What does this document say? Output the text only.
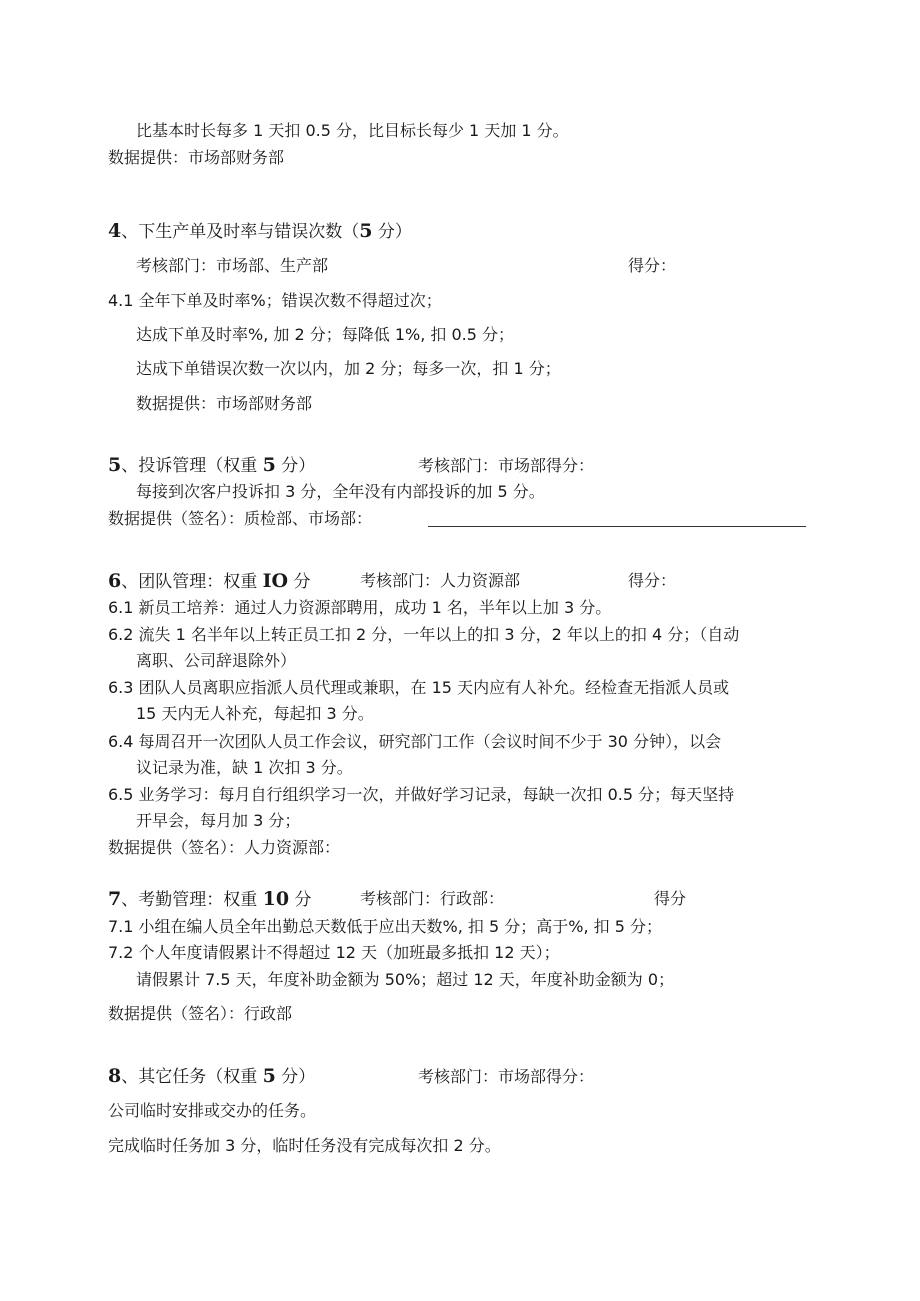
比基本时长每多 1 天扣 0.5 分，比目标长每少 1 天加 1 分。
数据提供：市场部财务部
4、下生产单及时率与错误次数（5 分）
考核部门：市场部、生产部	得分：
4.1 全年下单及时率%；错误次数不得超过次；
达成下单及时率%, 加 2 分；每降低 1%, 扣 0.5 分；
达成下单错误次数一次以内，加 2 分；每多一次，扣 1 分；
数据提供：市场部财务部
5、投诉管理（权重 5 分）	考核部门：市场部得分：
每接到次客户投诉扣 3 分，全年没有内部投诉的加 5 分。
数据提供（签名）：质检部、市场部：
6、团队管理：权重 IO 分	考核部门：人力资源部	得分：
6.1 新员工培养：通过人力资源部聘用，成功 1 名，半年以上加 3 分。
6.2 流失 1 名半年以上转正员工扣 2 分，一年以上的扣 3 分，2 年以上的扣 4 分；（自动
离职、公司辞退除外）
6.3 团队人员离职应指派人员代理或兼职，在 15 天内应有人补允。经检查无指派人员或
15 天内无人补充，每起扣 3 分。
6.4 每周召开一次团队人员工作会议，研究部门工作（会议时间不少于 30 分钟），以会
议记录为准，缺 1 次扣 3 分。
6.5 业务学习：每月自行组织学习一次，并做好学习记录，每缺一次扣 0.5 分；每天坚持
开早会，每月加 3 分；
数据提供（签名）：人力资源部：
7、考勤管理：权重 10 分	考核部门：行政部：	得分
7.1 小组在编人员全年出勤总天数低于应出天数%, 扣 5 分；高于%, 扣 5 分；
7.2 个人年度请假累计不得超过 12 天（加班最多抵扣 12 天）；
请假累计 7.5 天，年度补助金额为 50%；超过 12 天，年度补助金额为 0；
数据提供（签名）：行政部
8、其它任务（权重 5 分）	考核部门：市场部得分：
公司临时安排或交办的任务。
完成临时任务加 3 分，临时任务没有完成每次扣 2 分。
